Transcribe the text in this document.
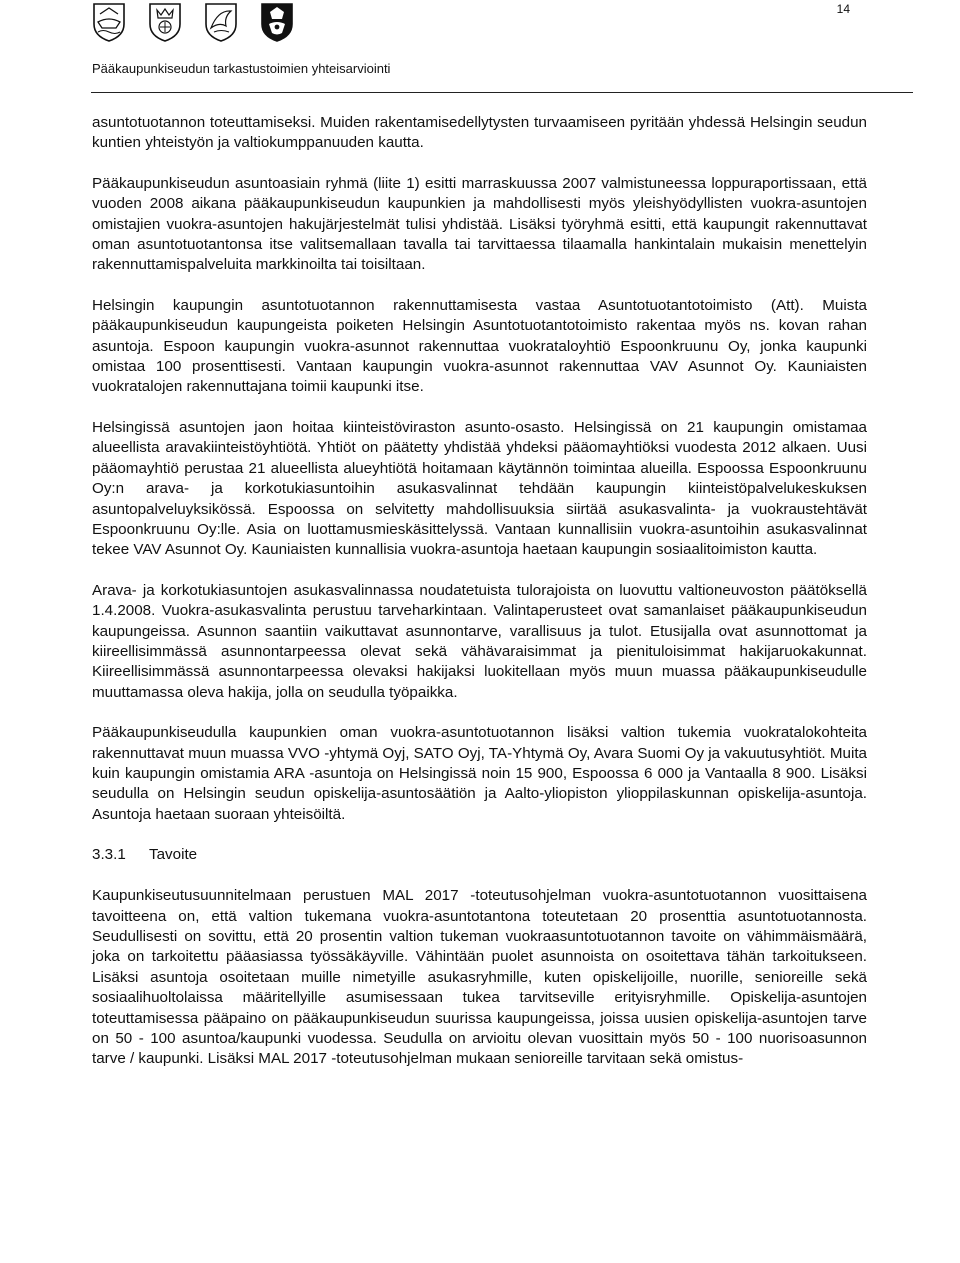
14
Pääkaupunkiseudun tarkastustoimien yhteisarviointi

asuntotuotannon toteuttamiseksi. Muiden rakentamisedellytysten turvaamiseen pyritään yhdessä Helsingin seudun kuntien yhteistyön ja valtiokumppanuuden kautta.

Pääkaupunkiseudun asuntoasiain ryhmä (liite 1) esitti marraskuussa 2007 valmistuneessa loppuraportissaan, että vuoden 2008 aikana pääkaupunkiseudun kaupunkien ja mahdollisesti myös yleishyödyllisten vuokra-asuntojen omistajien vuokra-asuntojen hakujärjestelmät tulisi yhdistää. Lisäksi työryhmä esitti, että kaupungit rakennuttavat oman asuntotuotantonsa itse valitsemallaan tavalla tai tarvittaessa tilaamalla hankintalain mukaisin menettelyin rakennuttamispalveluita markkinoilta tai toisiltaan.

Helsingin kaupungin asuntotuotannon rakennuttamisesta vastaa Asuntotuotantotoimisto (Att). Muista pääkaupunkiseudun kaupungeista poiketen Helsingin Asuntotuotantotoimisto rakentaa myös ns. kovan rahan asuntoja. Espoon kaupungin vuokra-asunnot rakennuttaa vuokrataloyhtiö Espoonkruunu Oy, jonka kaupunki omistaa 100 prosenttisesti. Vantaan kaupungin vuokra-asunnot rakennuttaa VAV Asunnot Oy. Kauniaisten vuokratalojen rakennuttajana toimii kaupunki itse.

Helsingissä asuntojen jaon hoitaa kiinteistöviraston asunto-osasto. Helsingissä on 21 kaupungin omistamaa alueellista aravakiinteistöyhtiötä. Yhtiöt on päätetty yhdistää yhdeksi pääomayhtiöksi vuodesta 2012 alkaen. Uusi pääomayhtiö perustaa 21 alueellista alueyhtiötä hoitamaan käytännön toimintaa alueilla. Espoossa Espoonkruunu Oy:n arava- ja korkotukiasuntoihin asukasvalinnat tehdään kaupungin kiinteistöpalvelukeskuksen asuntopalveluyksikössä. Espoossa on selvitetty mahdollisuuksia siirtää asukasvalinta- ja vuokraustehtävät Espoonkruunu Oy:lle. Asia on luottamusmieskäsittelyssä. Vantaan kunnallisiin vuokra-asuntoihin asukasvalinnat tekee VAV Asunnot Oy. Kauniaisten kunnallisia vuokra-asuntoja haetaan kaupungin sosiaalitoimiston kautta.

Arava- ja korkotukiasuntojen asukasvalinnassa noudatetuista tulorajoista on luovuttu valtioneuvoston päätöksellä 1.4.2008. Vuokra-asukasvalinta perustuu tarveharkintaan. Valintaperusteet ovat samanlaiset pääkaupunkiseudun kaupungeissa. Asunnon saantiin vaikuttavat asunnontarve, varallisuus ja tulot. Etusijalla ovat asunnottomat ja kiireellisimmässä asunnontarpeessa olevat sekä vähävaraisimmat ja pienituloisimmat hakijaruokakunnat. Kiireellisimmässä asunnontarpeessa olevaksi hakijaksi luokitellaan myös muun muassa pääkaupunkiseudulle muuttamassa oleva hakija, jolla on seudulla työpaikka.

Pääkaupunkiseudulla kaupunkien oman vuokra-asuntotuotannon lisäksi valtion tukemia vuokratalokohteita rakennuttavat muun muassa VVO -yhtymä Oyj, SATO Oyj, TA-Yhtymä Oy, Avara Suomi Oy ja vakuutusyhtiöt. Muita kuin kaupungin omistamia ARA -asuntoja on Helsingissä noin 15 900, Espoossa 6 000 ja Vantaalla 8 900. Lisäksi seudulla on Helsingin seudun opiskelija-asuntosäätiön ja Aalto-yliopiston ylioppilaskunnan opiskelija-asuntoja. Asuntoja haetaan suoraan yhteisöiltä.

3.3.1	Tavoite

Kaupunkiseutusuunnitelmaan perustuen MAL 2017 -toteutusohjelman vuokra-asuntotuotannon vuosittaisena tavoitteena on, että valtion tukemana vuokra-asuntotantona toteutetaan 20 prosenttia asuntotuotannosta. Seudullisesti on sovittu, että 20 prosentin valtion tukeman vuokraasuntotuotannon tavoite on vähimmäismäärä, joka on tarkoitettu pääasiassa työssäkäyville. Vähintään puolet asunnoista on osoitettava tähän tarkoitukseen. Lisäksi asuntoja osoitetaan muille nimetyille asukasryhmille, kuten opiskelijoille, nuorille, senioreille sekä sosiaalihuoltolaissa määritellyille asumisessaan tukea tarvitseville erityisryhmille. Opiskelija-asuntojen toteuttamisessa pääpaino on pääkaupunkiseudun suurissa kaupungeissa, joissa uusien opiskelija-asuntojen tarve on 50 - 100 asuntoa/kaupunki vuodessa. Seudulla on arvioitu olevan vuosittain myös 50 - 100 nuorisoasunnon tarve / kaupunki. Lisäksi MAL 2017 -toteutusohjelman mukaan senioreille tarvitaan sekä omistus-
